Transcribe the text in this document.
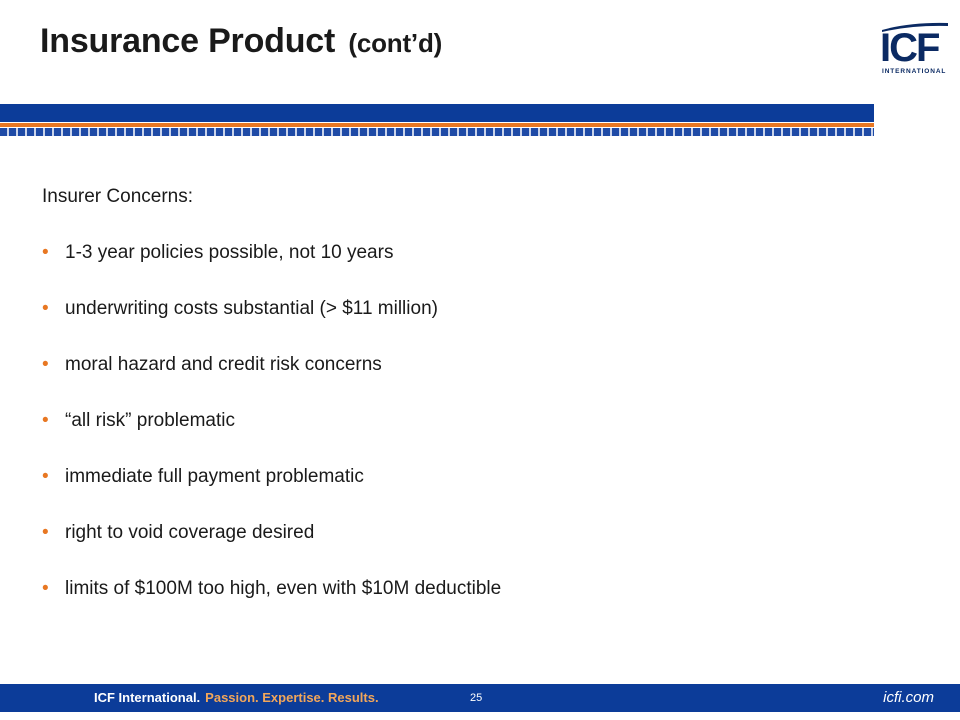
Insurance Product (cont’d)	ICF
INTERNATIONAL
Insurer Concerns:
• 1-3 year policies possible, not 10 years
• underwriting costs substantial (> $11 million)
• moral hazard and credit risk concerns
• “all risk” problematic
• immediate full payment problematic
• right to void coverage desired
• limits of $100M too high, even with $10M deductible
ICF International. Passion. Expertise. Results.	25	icfi.com
